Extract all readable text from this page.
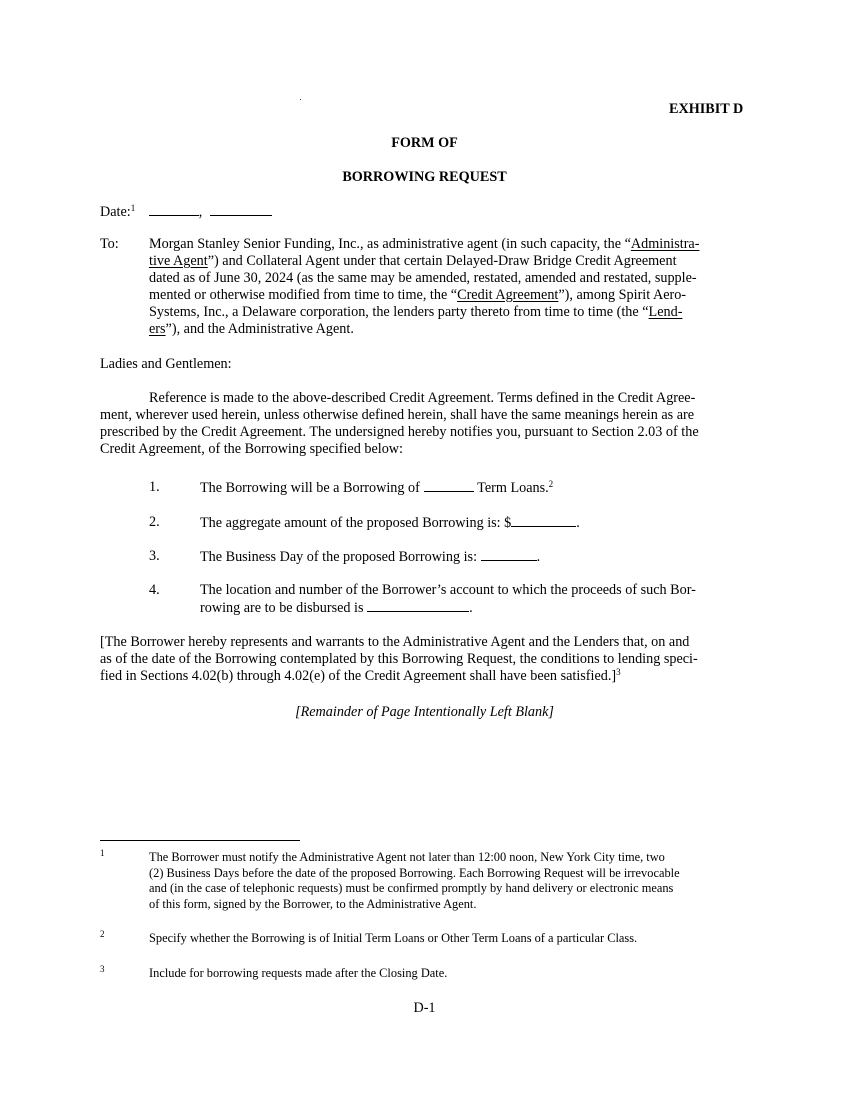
EXHIBIT D
FORM OF
BORROWING REQUEST
Date:$^1$	,
To: Morgan Stanley Senior Funding, Inc., as administrative agent (in such capacity, the “Administra-
tive Agent”) and Collateral Agent under that certain Delayed-Draw Bridge Credit Agreement
dated as of June 30, 2024 (as the same may be amended, restated, amended and restated, supple-
mented or otherwise modified from time to time, the “Credit Agreement”), among Spirit Aero-
Systems, Inc., a Delaware corporation, the lenders party thereto from time to time (the “Lend-
ers”), and the Administrative Agent.
Ladies and Gentlemen:
Reference is made to the above-described Credit Agreement. Terms defined in the Credit Agree-
ment, wherever used herein, unless otherwise defined herein, shall have the same meanings herein as are
prescribed by the Credit Agreement. The undersigned hereby notifies you, pursuant to Section 2.03 of the
Credit Agreement, of the Borrowing specified below:
1.	The Borrowing will be a Borrowing of	Term Loans.$^2$
2.	The aggregate amount of the proposed Borrowing is: $	.
3.	The Business Day of the proposed Borrowing is:	.
4.	The location and number of the Borrower’s account to which the proceeds of such Bor-
rowing are to be disbursed is	.
[The Borrower hereby represents and warrants to the Administrative Agent and the Lenders that, on and
as of the date of the Borrowing contemplated by this Borrowing Request, the conditions to lending speci-
fied in Sections 4.02(b) through 4.02(e) of the Credit Agreement shall have been satisfied.]$^3$
[Remainder of Page Intentionally Left Blank]
1	The Borrower must notify the Administrative Agent not later than 12:00 noon, New York City time, two
(2) Business Days before the date of the proposed Borrowing. Each Borrowing Request will be irrevocable
and (in the case of telephonic requests) must be confirmed promptly by hand delivery or electronic means
of this form, signed by the Borrower, to the Administrative Agent.
2	Specify whether the Borrowing is of Initial Term Loans or Other Term Loans of a particular Class.
3	Include for borrowing requests made after the Closing Date.
D-1
